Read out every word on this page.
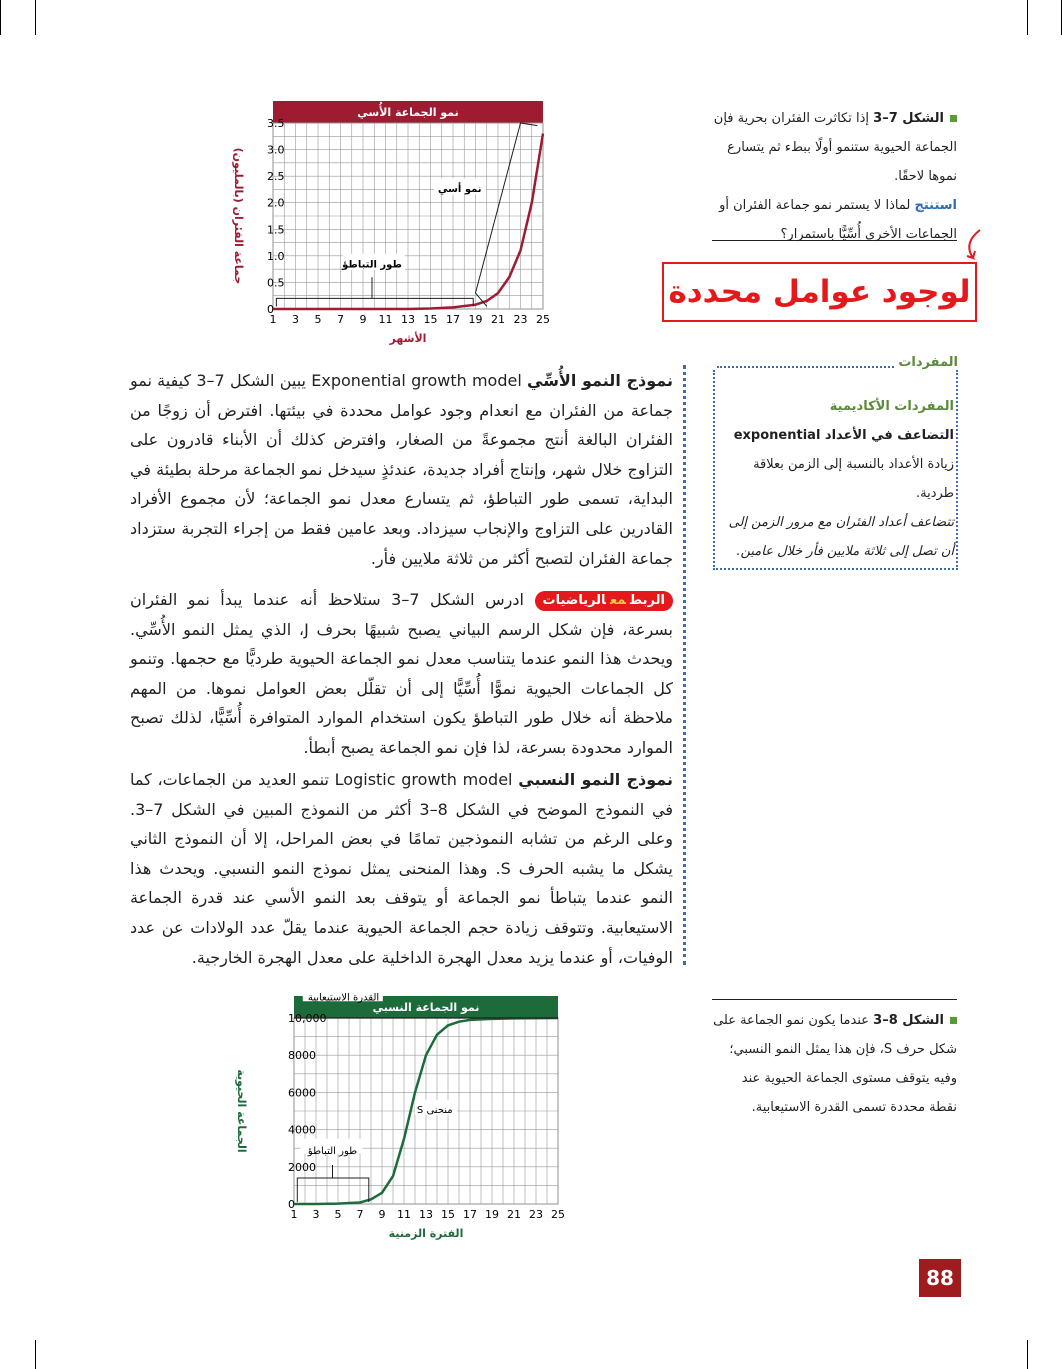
نمو الجماعة الأُسي
1 3 5 7 9 11 13 15 17 19 21 23 25
0
0.5
1.0
1.5
2.0
2.5
3.0
3.5
الأشهر
جماعة الفئران (بالمليون)	طور التباطؤ
نمو أسي
الشكل 7–3 إذا تكاثرت الفئران بحرية فإن الجماعة الحيوية ستنمو أولًا ببطء ثم يتسارع نموها لاحقًا.
استنتج لماذا لا يستمر نمو جماعة الفئران أو الجماعات الأخرى أُسِّيًّا باستمرار؟
لوجود عوامل محددة
المفردات
المفردات الأكاديمية
التضاعف في الأعداد exponential
زيادة الأعداد بالنسبة إلى الزمن بعلاقة طردية.
تتضاعف أعداد الفئران مع مرور الزمن إلى أن تصل إلى ثلاثة ملايين فأر خلال عامين.
نموذج النمو الأُسِّي Exponential growth model يبين الشكل 7–3 كيفية نمو جماعة من الفئران مع انعدام وجود عوامل محددة في بيئتها. افترض أن زوجًا من الفئران البالغة أنتج مجموعةً من الصغار، وافترض كذلك أن الأبناء قادرون على التزاوج خلال شهر، وإنتاج أفراد جديدة، عندئذٍ سيدخل نمو الجماعة مرحلة بطيئة في البداية، تسمى طور التباطؤ، ثم يتسارع معدل نمو الجماعة؛ لأن مجموع الأفراد القادرين على التزاوج والإنجاب سيزداد. وبعد عامين فقط من إجراء التجربة ستزداد جماعة الفئران لتصبح أكثر من ثلاثة ملايين فأر.
الربطمعالرياضيات ادرس الشكل 7–3 ستلاحظ أنه عندما يبدأ نمو الفئران بسرعة، فإن شكل الرسم البياني يصبح شبيهًا بحرف J، الذي يمثل النمو الأُسِّي. ويحدث هذا النمو عندما يتناسب معدل نمو الجماعة الحيوية طرديًّا مع حجمها. وتنمو كل الجماعات الحيوية نموًّا أُسِّيًّا إلى أن تقلّل بعض العوامل نموها. من المهم ملاحظة أنه خلال طور التباطؤ يكون استخدام الموارد المتوافرة أُسِّيًّا، لذلك تصبح الموارد محدودة بسرعة، لذا فإن نمو الجماعة يصبح أبطأ.
نموذج النمو النسبي Logistic growth model تنمو العديد من الجماعات، كما في النموذج الموضح في الشكل 8–3 أكثر من النموذج المبين في الشكل 7–3. وعلى الرغم من تشابه النموذجين تمامًا في بعض المراحل، إلا أن النموذج الثاني يشكل ما يشبه الحرف S. وهذا المنحنى يمثل نموذج النمو النسبي. ويحدث هذا النمو عندما يتباطأ نمو الجماعة أو يتوقف بعد النمو الأسي عند قدرة الجماعة الاستيعابية. وتتوقف زيادة حجم الجماعة الحيوية عندما يقلّ عدد الولادات عن عدد الوفيات، أو عندما يزيد معدل الهجرة الداخلية على معدل الهجرة الخارجية.
الشكل 8–3 عندما يكون نمو الجماعة على شكل حرف S، فإن هذا يمثل النمو النسبي؛ وفيه يتوقف مستوى الجماعة الحيوية عند نقطة محددة تسمى القدرة الاستيعابية.
نمو الجماعة النسبي
1 3 5 7 9 11 13 15 17 19 21 23 25
0
2000
4000
6000
8000
10,000
الفترة الزمنية
الجماعة الحيوية
القدرة الاستيعابية
منحنى S
طور التباطؤ
88
